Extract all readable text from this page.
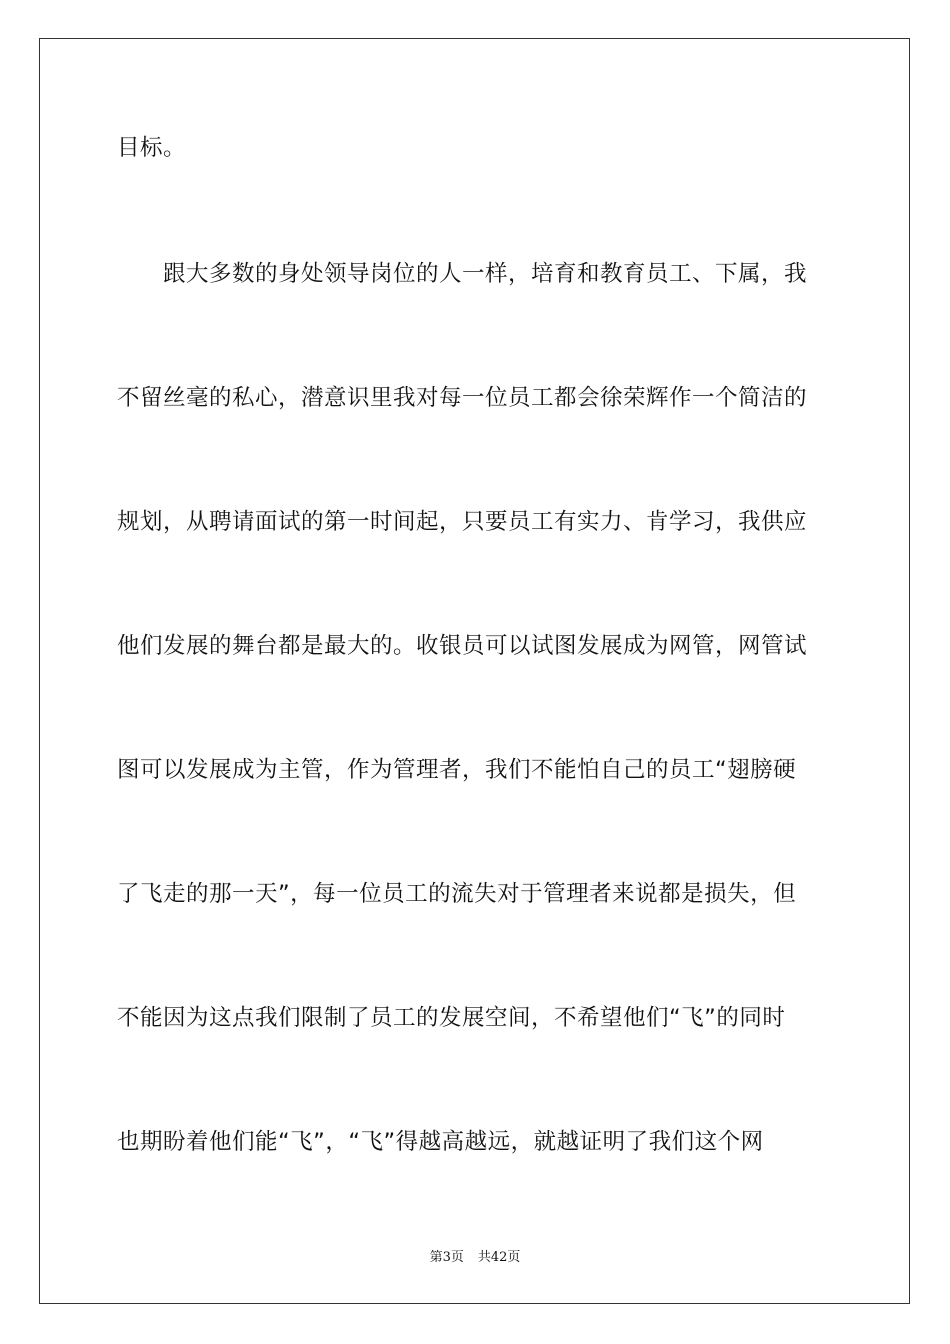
目标。
　　跟大多数的身处领导岗位的人一样，培育和教育员工、下属，我
不留丝毫的私心，潜意识里我对每一位员工都会徐荣辉作一个简洁的
规划，从聘请面试的第一时间起，只要员工有实力、肯学习，我供应
他们发展的舞台都是最大的。收银员可以试图发展成为网管，网管试
图可以发展成为主管，作为管理者，我们不能怕自己的员工“翅膀硬
了飞走的那一天”，每一位员工的流失对于管理者来说都是损失，但
不能因为这点我们限制了员工的发展空间，不希望他们“飞”的同时
也期盼着他们能“飞”，“飞”得越高越远，就越证明了我们这个网
第3页 共42页
